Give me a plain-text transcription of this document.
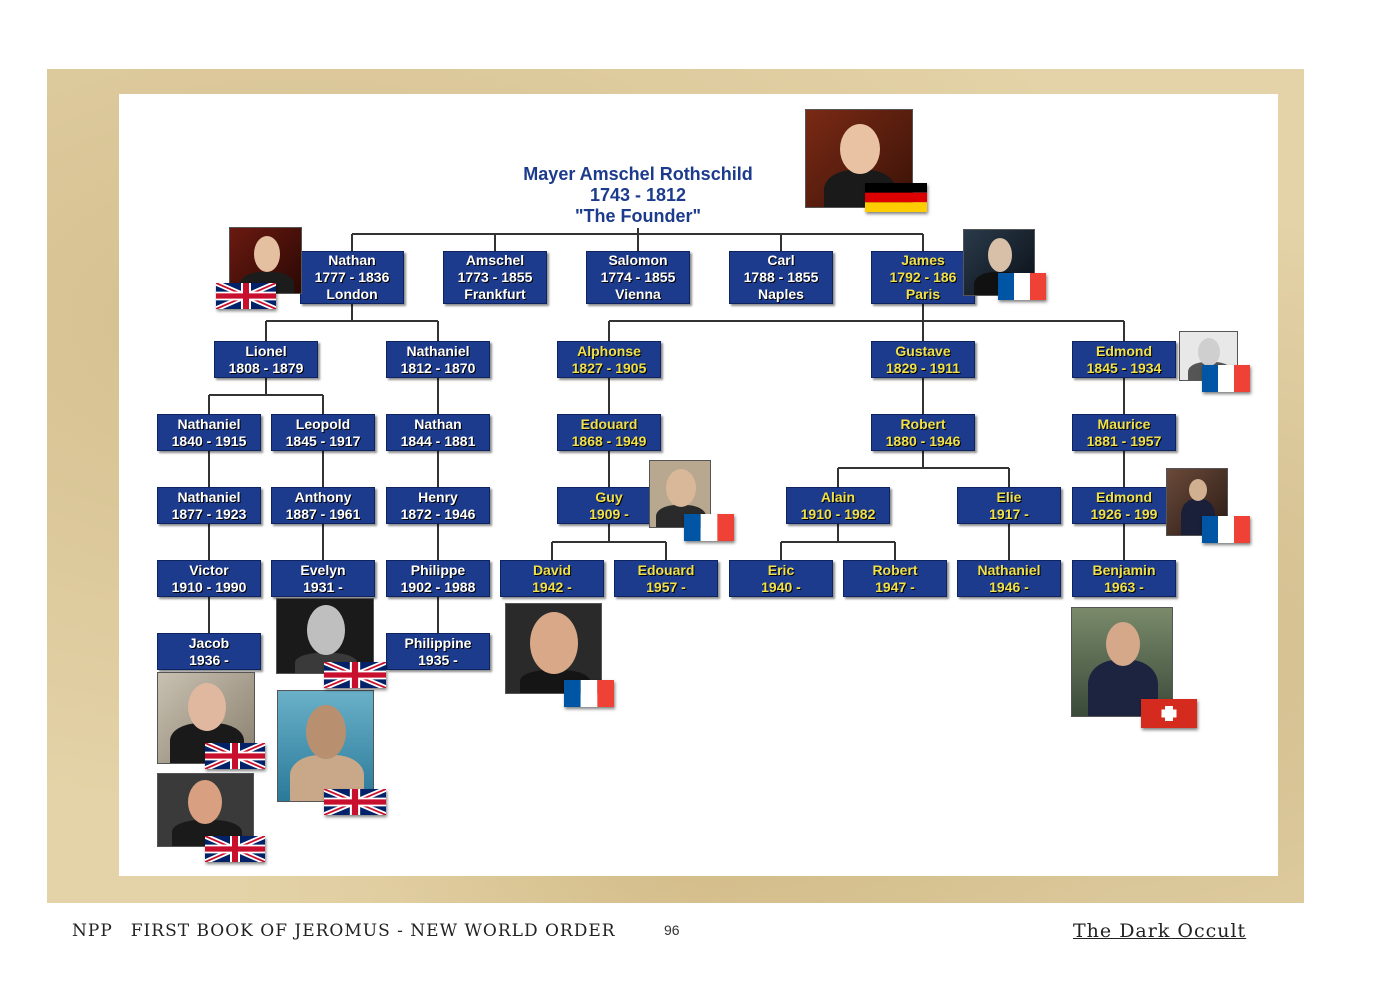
Mayer Amschel Rothschild
1743 - 1812
"The Founder"
Nathan
1777 - 1836
London
Amschel
1773 - 1855
Frankfurt
Salomon
1774 - 1855
Vienna
Carl
1788 - 1855
Naples
James
1792 - 186
Paris
Lionel
1808 - 1879
Nathaniel
1812 - 1870
Alphonse
1827 - 1905
Gustave
1829 - 1911
Edmond
1845 - 1934
Nathaniel
1840 - 1915
Leopold
1845 - 1917
Nathan
1844 - 1881
Edouard
1868 - 1949
Robert
1880 - 1946
Maurice
1881 - 1957
Nathaniel
1877 - 1923
Anthony
1887 - 1961
Henry
1872 - 1946
Guy
1909 -
Alain
1910 - 1982
Elie
1917 -
Edmond
1926 - 199
Victor
1910 - 1990
Evelyn
1931 -
Philippe
1902 - 1988
David
1942 -
Edouard
1957 -
Eric
1940 -
Robert
1947 -
Nathaniel
1946 -
Benjamin
1963 -
Jacob
1936 -
Philippine
1935 -
NPP FIRST BOOK OF JEROMUS - NEW WORLD ORDER	96	The Dark Occult
